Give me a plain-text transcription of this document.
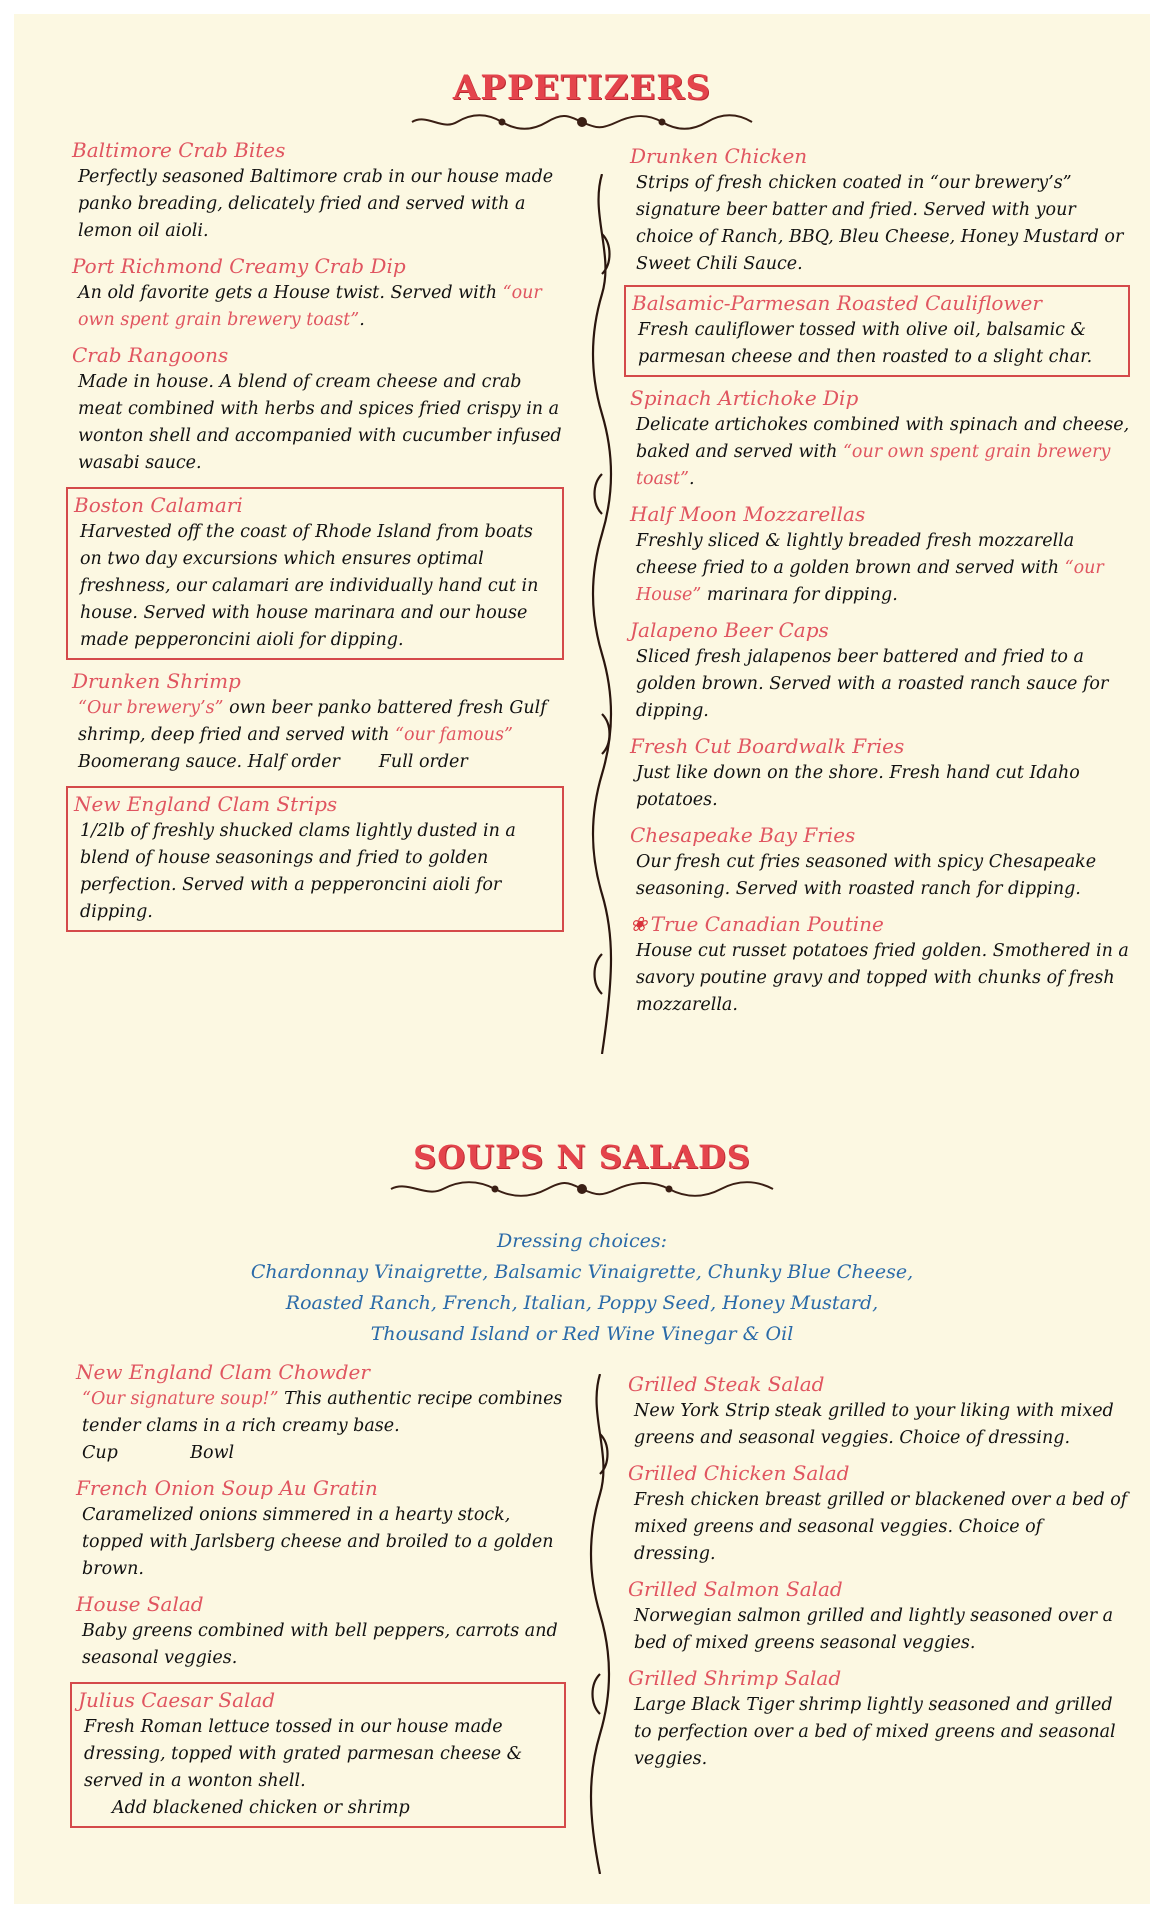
APPETIZERS
Baltimore Crab Bites
Perfectly seasoned Baltimore crab in our house made panko breading, delicately fried and served with a lemon oil aioli.
Port Richmond Creamy Crab Dip
An old favorite gets a House twist. Served with “our own spent grain brewery toast”.
Crab Rangoons
Made in house. A blend of cream cheese and crab meat combined with herbs and spices fried crispy in a wonton shell and accompanied with cucumber infused wasabi sauce.
Boston Calamari
Harvested off the coast of Rhode Island from boats on two day excursions which ensures optimal freshness, our calamari are individually hand cut in house. Served with house marinara and our house made pepperoncini aioli for dipping.
Drunken Shrimp
“Our brewery’s” own beer panko battered fresh Gulf shrimp, deep fried and served with “our famous” Boomerang sauce. Half order       Full order
New England Clam Strips
1/2lb of freshly shucked clams lightly dusted in a blend of house seasonings and fried to golden perfection. Served with a pepperoncini aioli for dipping.
Drunken Chicken
Strips of fresh chicken coated in “our brewery’s” signature beer batter and fried. Served with your choice of Ranch, BBQ, Bleu Cheese, Honey Mustard or Sweet Chili Sauce.
Balsamic-Parmesan Roasted Cauliflower
Fresh cauliflower tossed with olive oil, balsamic & parmesan cheese and then roasted to a slight char.
Spinach Artichoke Dip
Delicate artichokes combined with spinach and cheese, baked and served with “our own spent grain brewery toast”.
Half Moon Mozzarellas
Freshly sliced & lightly breaded fresh mozzarella cheese fried to a golden brown and served with “our House” marinara for dipping.
Jalapeno Beer Caps
Sliced fresh jalapenos beer battered and fried to a golden brown. Served with a roasted ranch sauce for dipping.
Fresh Cut Boardwalk Fries
Just like down on the shore. Fresh hand cut Idaho potatoes.
Chesapeake Bay Fries
Our fresh cut fries seasoned with spicy Chesapeake seasoning. Served with roasted ranch for dipping.
❀ True Canadian Poutine
House cut russet potatoes fried golden. Smothered in a savory poutine gravy and topped with chunks of fresh mozzarella.
SOUPS N SALADS
Dressing choices:
Chardonnay Vinaigrette, Balsamic Vinaigrette, Chunky Blue Cheese,
Roasted Ranch, French, Italian, Poppy Seed, Honey Mustard,
Thousand Island or Red Wine Vinegar & Oil
New England Clam Chowder
“Our signature soup!” This authentic recipe combines tender clams in a rich creamy base.
Cup             Bowl
French Onion Soup Au Gratin
Caramelized onions simmered in a hearty stock, topped with Jarlsberg cheese and broiled to a golden brown.
House Salad
Baby greens combined with bell peppers, carrots and seasonal veggies.
Julius Caesar Salad
Fresh Roman lettuce tossed in our house made dressing, topped with grated parmesan cheese & served in a wonton shell.
Add blackened chicken or shrimp
Grilled Steak Salad
New York Strip steak grilled to your liking with mixed greens and seasonal veggies. Choice of dressing.
Grilled Chicken Salad
Fresh chicken breast grilled or blackened over a bed of mixed greens and seasonal veggies. Choice of dressing.
Grilled Salmon Salad
Norwegian salmon grilled and lightly seasoned over a bed of mixed greens seasonal veggies.
Grilled Shrimp Salad
Large Black Tiger shrimp lightly seasoned and grilled to perfection over a bed of mixed greens and seasonal veggies.
